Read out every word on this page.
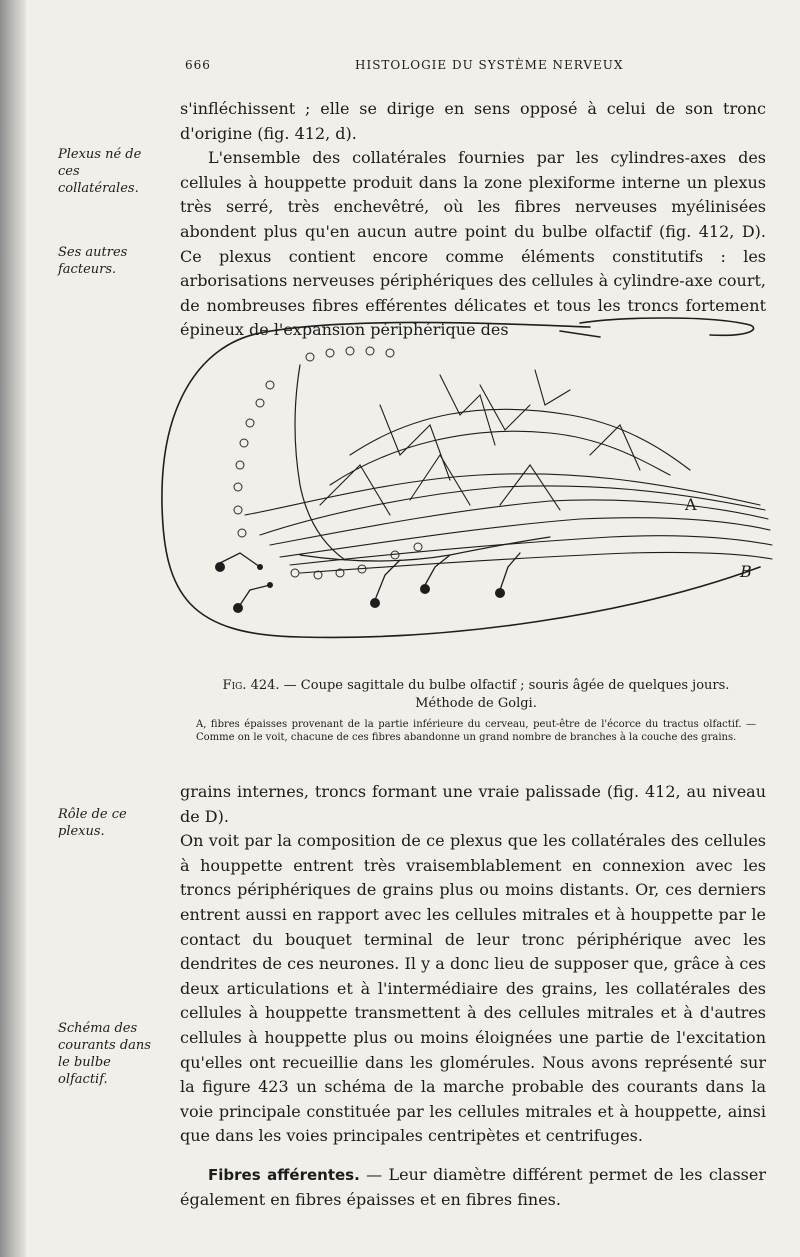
666	HISTOLOGIE DU SYSTÈME NERVEUX
Plexus né de ces collatérales.
Ses autres facteurs.
Rôle de ce plexus.
Schéma des courants dans le bulbe olfactif.

s'infléchissent ; elle se dirige en sens opposé à celui de son tronc d'origine (fig. 412, d).

L'ensemble des collatérales fournies par les cylindres-axes des cellules à houppette produit dans la zone plexiforme interne un plexus très serré, très enchevêtré, où les fibres nerveuses myélinisées abondent plus qu'en aucun autre point du bulbe olfactif (fig. 412, D). Ce plexus contient encore comme éléments constitutifs : les arborisations nerveuses périphériques des cellules à cylindre-axe court, de nombreuses fibres efférentes délicates et tous les troncs fortement épineux de l'expansion périphérique des

A
B
Fig. 424. — Coupe sagittale du bulbe olfactif ; souris âgée de quelques jours. Méthode de Golgi.
A, fibres épaisses provenant de la partie inférieure du cerveau, peut-être de l'écorce du tractus olfactif. — Comme on le voit, chacune de ces fibres abandonne un grand nombre de branches à la couche des grains.

grains internes, troncs formant une vraie palissade (fig. 412, au niveau de D).

On voit par la composition de ce plexus que les collatérales des cellules à houppette entrent très vraisemblablement en connexion avec les troncs périphériques de grains plus ou moins distants. Or, ces derniers entrent aussi en rapport avec les cellules mitrales et à houppette par le contact du bouquet terminal de leur tronc périphérique avec les dendrites de ces neurones. Il y a donc lieu de supposer que, grâce à ces deux articulations et à l'intermédiaire des grains, les collatérales des cellules à houppette transmettent à des cellules mitrales et à d'autres cellules à houppette plus ou moins éloignées une partie de l'excitation qu'elles ont recueillie dans les glomérules. Nous avons représenté sur la figure 423 un schéma de la marche probable des courants dans la voie principale constituée par les cellules mitrales et à houppette, ainsi que dans les voies principales centripètes et centrifuges.

Fibres afférentes. — Leur diamètre différent permet de les classer également en fibres épaisses et en fibres fines.
